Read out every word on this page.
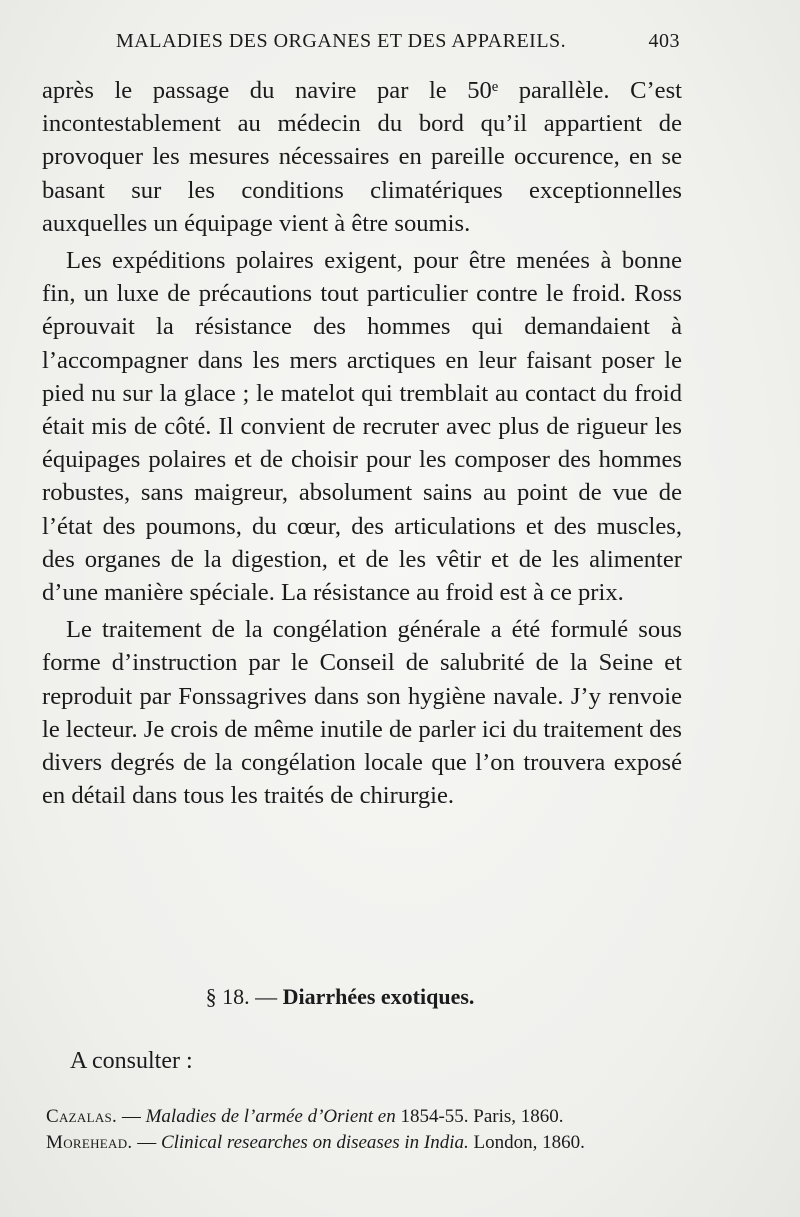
MALADIES DES ORGANES ET DES APPAREILS.	403

après le passage du navire par le 50ᵉ parallèle. C’est incontestablement au médecin du bord qu’il appartient de provoquer les mesures nécessaires en pareille occurence, en se basant sur les conditions climatériques exceptionnelles auxquelles un équipage vient à être soumis.

Les expéditions polaires exigent, pour être menées à bonne fin, un luxe de précautions tout particulier contre le froid. Ross éprouvait la résistance des hommes qui demandaient à l’accompagner dans les mers arctiques en leur faisant poser le pied nu sur la glace ; le matelot qui tremblait au contact du froid était mis de côté. Il convient de recruter avec plus de rigueur les équipages polaires et de choisir pour les composer des hommes robustes, sans maigreur, absolument sains au point de vue de l’état des poumons, du cœur, des articulations et des muscles, des organes de la digestion, et de les vêtir et de les alimenter d’une manière spéciale. La résistance au froid est à ce prix.

Le traitement de la congélation générale a été formulé sous forme d’instruction par le Conseil de salubrité de la Seine et reproduit par Fonssagrives dans son hygiène navale. J’y renvoie le lecteur. Je crois de même inutile de parler ici du traitement des divers degrés de la congélation locale que l’on trouvera exposé en détail dans tous les traités de chirurgie.

§ 18. — Diarrhées exotiques.
A consulter :
Cazalas. — Maladies de l’armée d’Orient en 1854-55. Paris, 1860.
Morehead. — Clinical researches on diseases in India. London, 1860.
